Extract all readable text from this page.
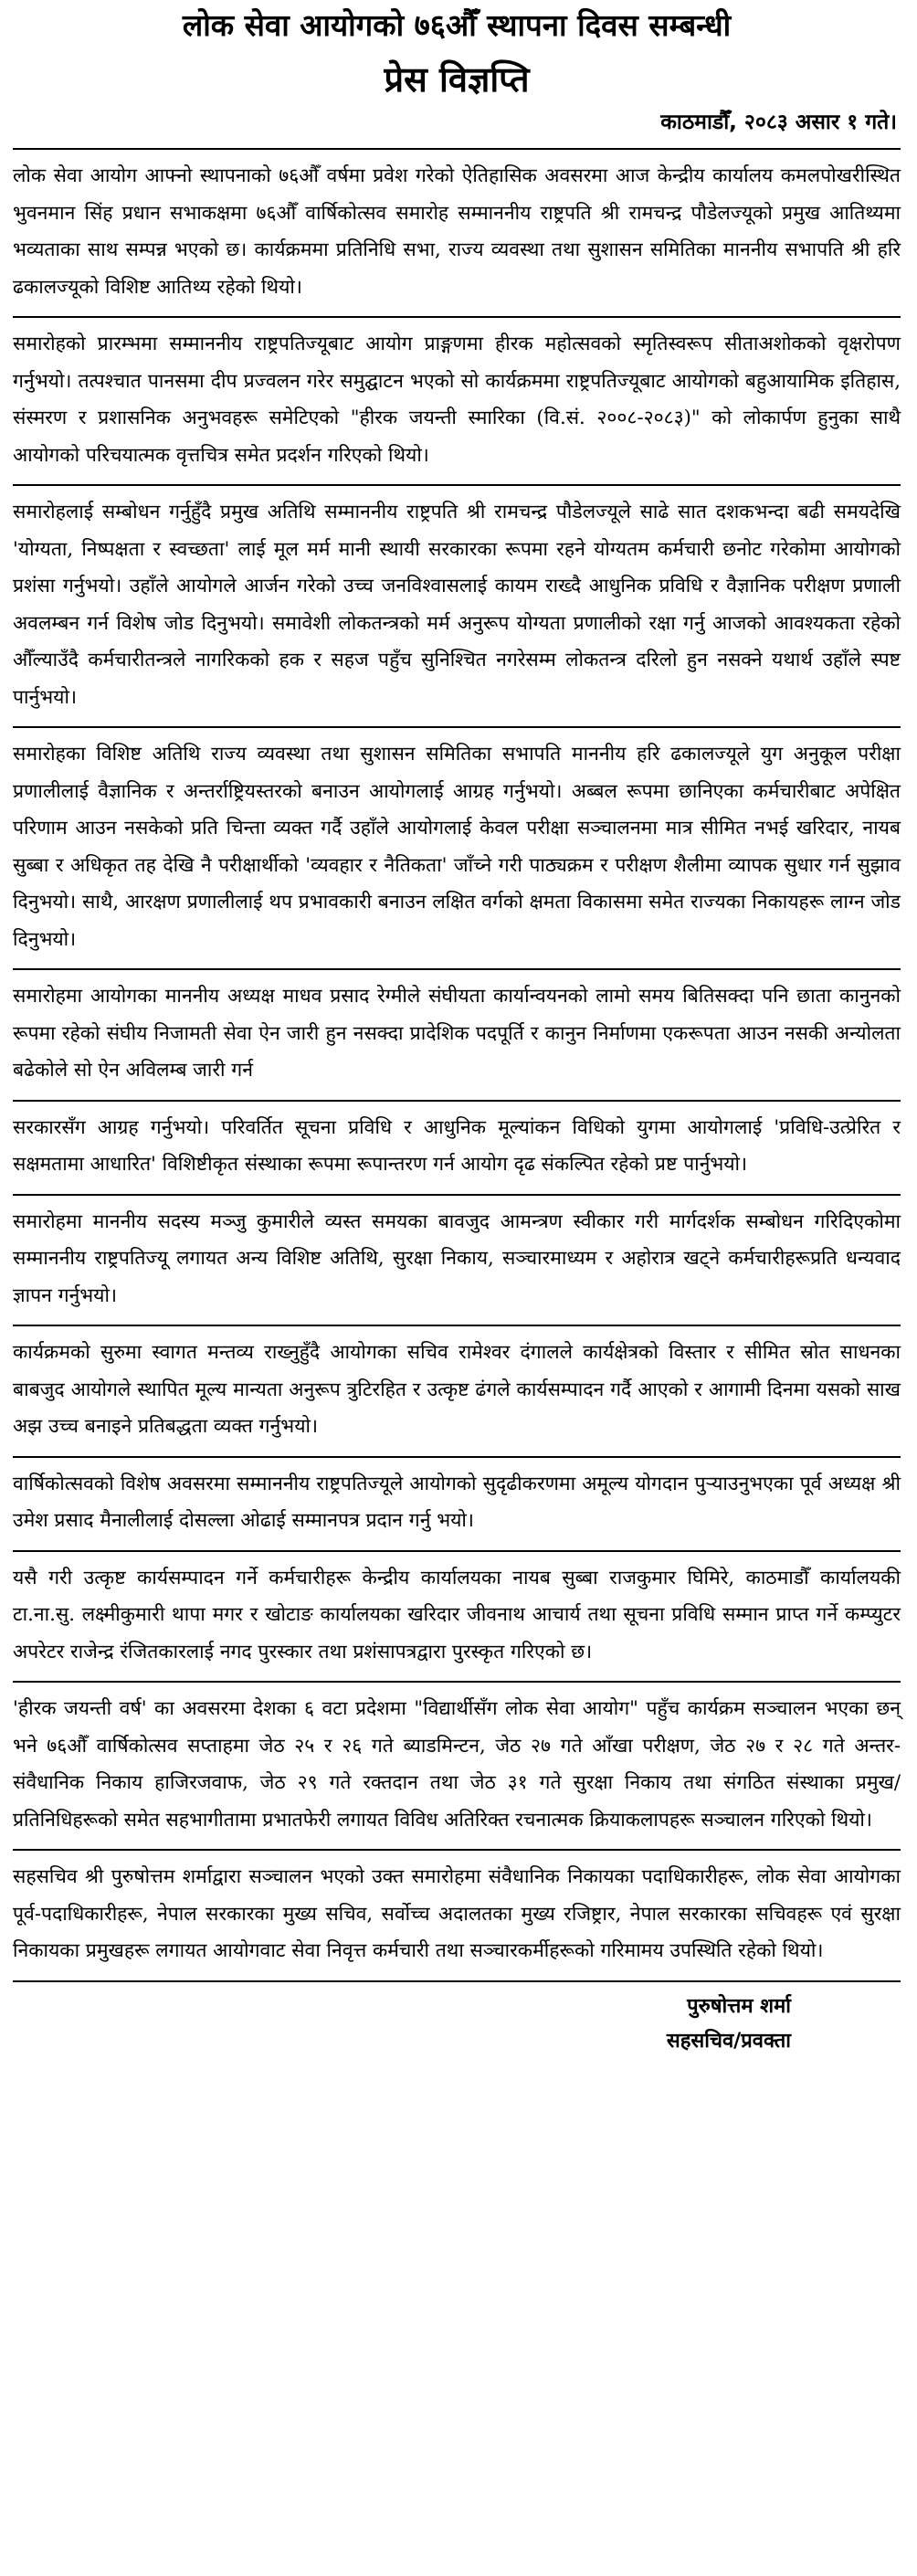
लोक सेवा आयोगको ७६औँ स्थापना दिवस सम्बन्धी
प्रेस विज्ञप्ति
काठमाडौँ, २०८३ असार १ गते।

लोक सेवा आयोग आफ्नो स्थापनाको ७६औँ वर्षमा प्रवेश गरेको ऐतिहासिक अवसरमा आज केन्द्रीय कार्यालय कमलपोखरीस्थित भुवनमान सिंह प्रधान सभाकक्षमा ७६औँ वार्षिकोत्सव समारोह सम्माननीय राष्ट्रपति श्री रामचन्द्र पौडेलज्यूको प्रमुख आतिथ्यमा भव्यताका साथ सम्पन्न भएको छ। कार्यक्रममा प्रतिनिधि सभा, राज्य व्यवस्था तथा सुशासन समितिका माननीय सभापति श्री हरि ढकालज्यूको विशिष्ट आतिथ्य रहेको थियो।

समारोहको प्रारम्भमा सम्माननीय राष्ट्रपतिज्यूबाट आयोग प्राङ्गणमा हीरक महोत्सवको स्मृतिस्वरूप सीताअशोकको वृक्षरोपण गर्नुभयो। तत्पश्चात पानसमा दीप प्रज्वलन गरेर समुद्घाटन भएको सो कार्यक्रममा राष्ट्रपतिज्यूबाट आयोगको बहुआयामिक इतिहास, संस्मरण र प्रशासनिक अनुभवहरू समेटिएको "हीरक जयन्ती स्मारिका (वि.सं. २००८-२०८३)" को लोकार्पण हुनुका साथै आयोगको परिचयात्मक वृत्तचित्र समेत प्रदर्शन गरिएको थियो।

समारोहलाई सम्बोधन गर्नुहुँदै प्रमुख अतिथि सम्माननीय राष्ट्रपति श्री रामचन्द्र पौडेलज्यूले साढे सात दशकभन्दा बढी समयदेखि 'योग्यता, निष्पक्षता र स्वच्छता' लाई मूल मर्म मानी स्थायी सरकारका रूपमा रहने योग्यतम कर्मचारी छनोट गरेकोमा आयोगको प्रशंसा गर्नुभयो। उहाँले आयोगले आर्जन गरेको उच्च जनविश्वासलाई कायम राख्दै आधुनिक प्रविधि र वैज्ञानिक परीक्षण प्रणाली अवलम्बन गर्न विशेष जोड दिनुभयो। समावेशी लोकतन्त्रको मर्म अनुरूप योग्यता प्रणालीको रक्षा गर्नु आजको आवश्यकता रहेको औँल्याउँदै कर्मचारीतन्त्रले नागरिकको हक र सहज पहुँच सुनिश्चित नगरेसम्म लोकतन्त्र दरिलो हुन नसक्ने यथार्थ उहाँले स्पष्ट पार्नुभयो।

समारोहका विशिष्ट अतिथि राज्य व्यवस्था तथा सुशासन समितिका सभापति माननीय हरि ढकालज्यूले युग अनुकूल परीक्षा प्रणालीलाई वैज्ञानिक र अन्तर्राष्ट्रियस्तरको बनाउन आयोगलाई आग्रह गर्नुभयो। अब्बल रूपमा छानिएका कर्मचारीबाट अपेक्षित परिणाम आउन नसकेको प्रति चिन्ता व्यक्त गर्दै उहाँले आयोगलाई केवल परीक्षा सञ्चालनमा मात्र सीमित नभई खरिदार, नायब सुब्बा र अधिकृत तह देखि नै परीक्षार्थीको 'व्यवहार र नैतिकता' जाँच्ने गरी पाठ्यक्रम र परीक्षण शैलीमा व्यापक सुधार गर्न सुझाव दिनुभयो। साथै, आरक्षण प्रणालीलाई थप प्रभावकारी बनाउन लक्षित वर्गको क्षमता विकासमा समेत राज्यका निकायहरू लाग्न जोड दिनुभयो।

समारोहमा आयोगका माननीय अध्यक्ष माधव प्रसाद रेग्मीले संघीयता कार्यान्वयनको लामो समय बितिसक्दा पनि छाता कानुनको रूपमा रहेको संघीय निजामती सेवा ऐन जारी हुन नसक्दा प्रादेशिक पदपूर्ति र कानुन निर्माणमा एकरूपता आउन नसकी अन्योलता बढेकोले सो ऐन अविलम्ब जारी गर्न

सरकारसँग आग्रह गर्नुभयो। परिवर्तित सूचना प्रविधि र आधुनिक मूल्यांकन विधिको युगमा आयोगलाई 'प्रविधि-उत्प्रेरित र सक्षमतामा आधारित' विशिष्टीकृत संस्थाका रूपमा रूपान्तरण गर्न आयोग दृढ संकल्पित रहेको प्रष्ट पार्नुभयो।

समारोहमा माननीय सदस्य मञ्जु कुमारीले व्यस्त समयका बावजुद आमन्त्रण स्वीकार गरी मार्गदर्शक सम्बोधन गरिदिएकोमा सम्माननीय राष्ट्रपतिज्यू लगायत अन्य विशिष्ट अतिथि, सुरक्षा निकाय, सञ्चारमाध्यम र अहोरात्र खट्ने कर्मचारीहरूप्रति धन्यवाद ज्ञापन गर्नुभयो।

कार्यक्रमको सुरुमा स्वागत मन्तव्य राख्नुहुँदै आयोगका सचिव रामेश्वर दंगालले कार्यक्षेत्रको विस्तार र सीमित स्रोत साधनका बाबजुद आयोगले स्थापित मूल्य मान्यता अनुरूप त्रुटिरहित र उत्कृष्ट ढंगले कार्यसम्पादन गर्दै आएको र आगामी दिनमा यसको साख अझ उच्च बनाइने प्रतिबद्धता व्यक्त गर्नुभयो।

वार्षिकोत्सवको विशेष अवसरमा सम्माननीय राष्ट्रपतिज्यूले आयोगको सुदृढीकरणमा अमूल्य योगदान पुऱ्याउनुभएका पूर्व अध्यक्ष श्री उमेश प्रसाद मैनालीलाई दोसल्ला ओढाई सम्मानपत्र प्रदान गर्नु भयो।

यसै गरी उत्कृष्ट कार्यसम्पादन गर्ने कर्मचारीहरू केन्द्रीय कार्यालयका नायब सुब्बा राजकुमार घिमिरे, काठमाडौँ कार्यालयकी टा.ना.सु. लक्ष्मीकुमारी थापा मगर र खोटाङ कार्यालयका खरिदार जीवनाथ आचार्य तथा सूचना प्रविधि सम्मान प्राप्त गर्ने कम्प्युटर अपरेटर राजेन्द्र रंजितकारलाई नगद पुरस्कार तथा प्रशंसापत्रद्वारा पुरस्कृत गरिएको छ।

'हीरक जयन्ती वर्ष' का अवसरमा देशका ६ वटा प्रदेशमा "विद्यार्थीसँग लोक सेवा आयोग" पहुँच कार्यक्रम सञ्चालन भएका छन् भने ७६औँ वार्षिकोत्सव सप्ताहमा जेठ २५ र २६ गते ब्याडमिन्टन, जेठ २७ गते आँखा परीक्षण, जेठ २७ र २८ गते अन्तर-संवैधानिक निकाय हाजिरजवाफ, जेठ २९ गते रक्तदान तथा जेठ ३१ गते सुरक्षा निकाय तथा संगठित संस्थाका प्रमुख/प्रतिनिधिहरूको समेत सहभागीतामा प्रभातफेरी लगायत विविध अतिरिक्त रचनात्मक क्रियाकलापहरू सञ्चालन गरिएको थियो।

सहसचिव श्री पुरुषोत्तम शर्माद्वारा सञ्चालन भएको उक्त समारोहमा संवैधानिक निकायका पदाधिकारीहरू, लोक सेवा आयोगका पूर्व-पदाधिकारीहरू, नेपाल सरकारका मुख्य सचिव, सर्वोच्च अदालतका मुख्य रजिष्ट्रार, नेपाल सरकारका सचिवहरू एवं सुरक्षा निकायका प्रमुखहरू लगायत आयोगवाट सेवा निवृत्त कर्मचारी तथा सञ्चारकर्मीहरूको गरिमामय उपस्थिति रहेको थियो।

पुरुषोत्तम शर्मा
सहसचिव/प्रवक्ता
